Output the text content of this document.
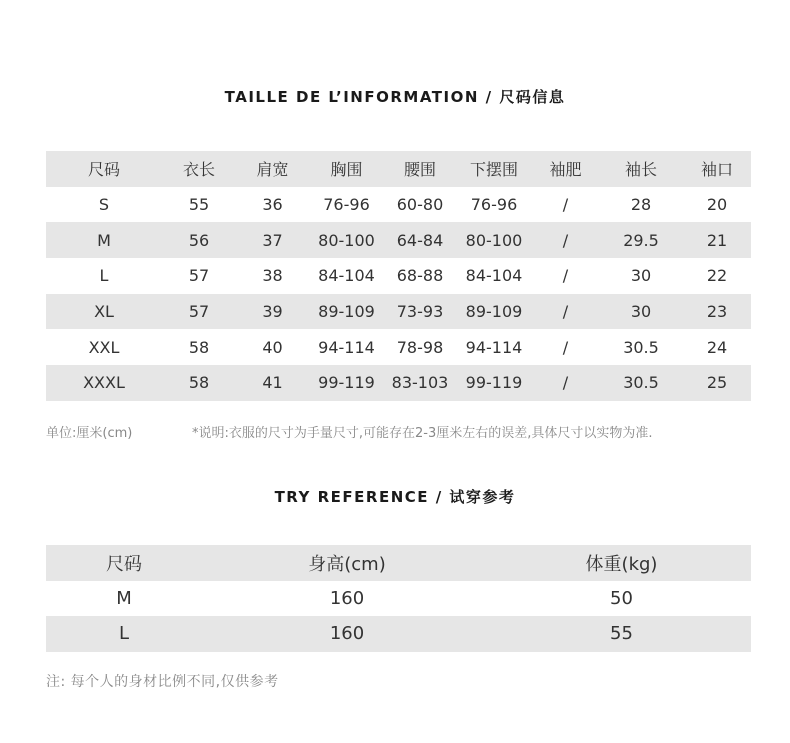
TAILLE DE L’INFORMATION / 尺码信息
尺码	衣长	肩宽	胸围	腰围	下摆围	袖肥	袖长	袖口
S	55	36	76-96	60-80	76-96	/	28	20
M	56	37	80-100	64-84	80-100	/	29.5	21
L	57	38	84-104	68-88	84-104	/	30	22
XL	57	39	89-109	73-93	89-109	/	30	23
XXL	58	40	94-114	78-98	94-114	/	30.5	24
XXXL	58	41	99-119	83-103	99-119	/	30.5	25
单位:厘米(cm)	*说明:衣服的尺寸为手量尺寸,可能存在2-3厘米左右的误差,具体尺寸以实物为准.
TRY REFERENCE / 试穿参考
尺码	身高(cm)	体重(kg)
M	160	50
L	160	55
注: 每个人的身材比例不同,仅供参考
